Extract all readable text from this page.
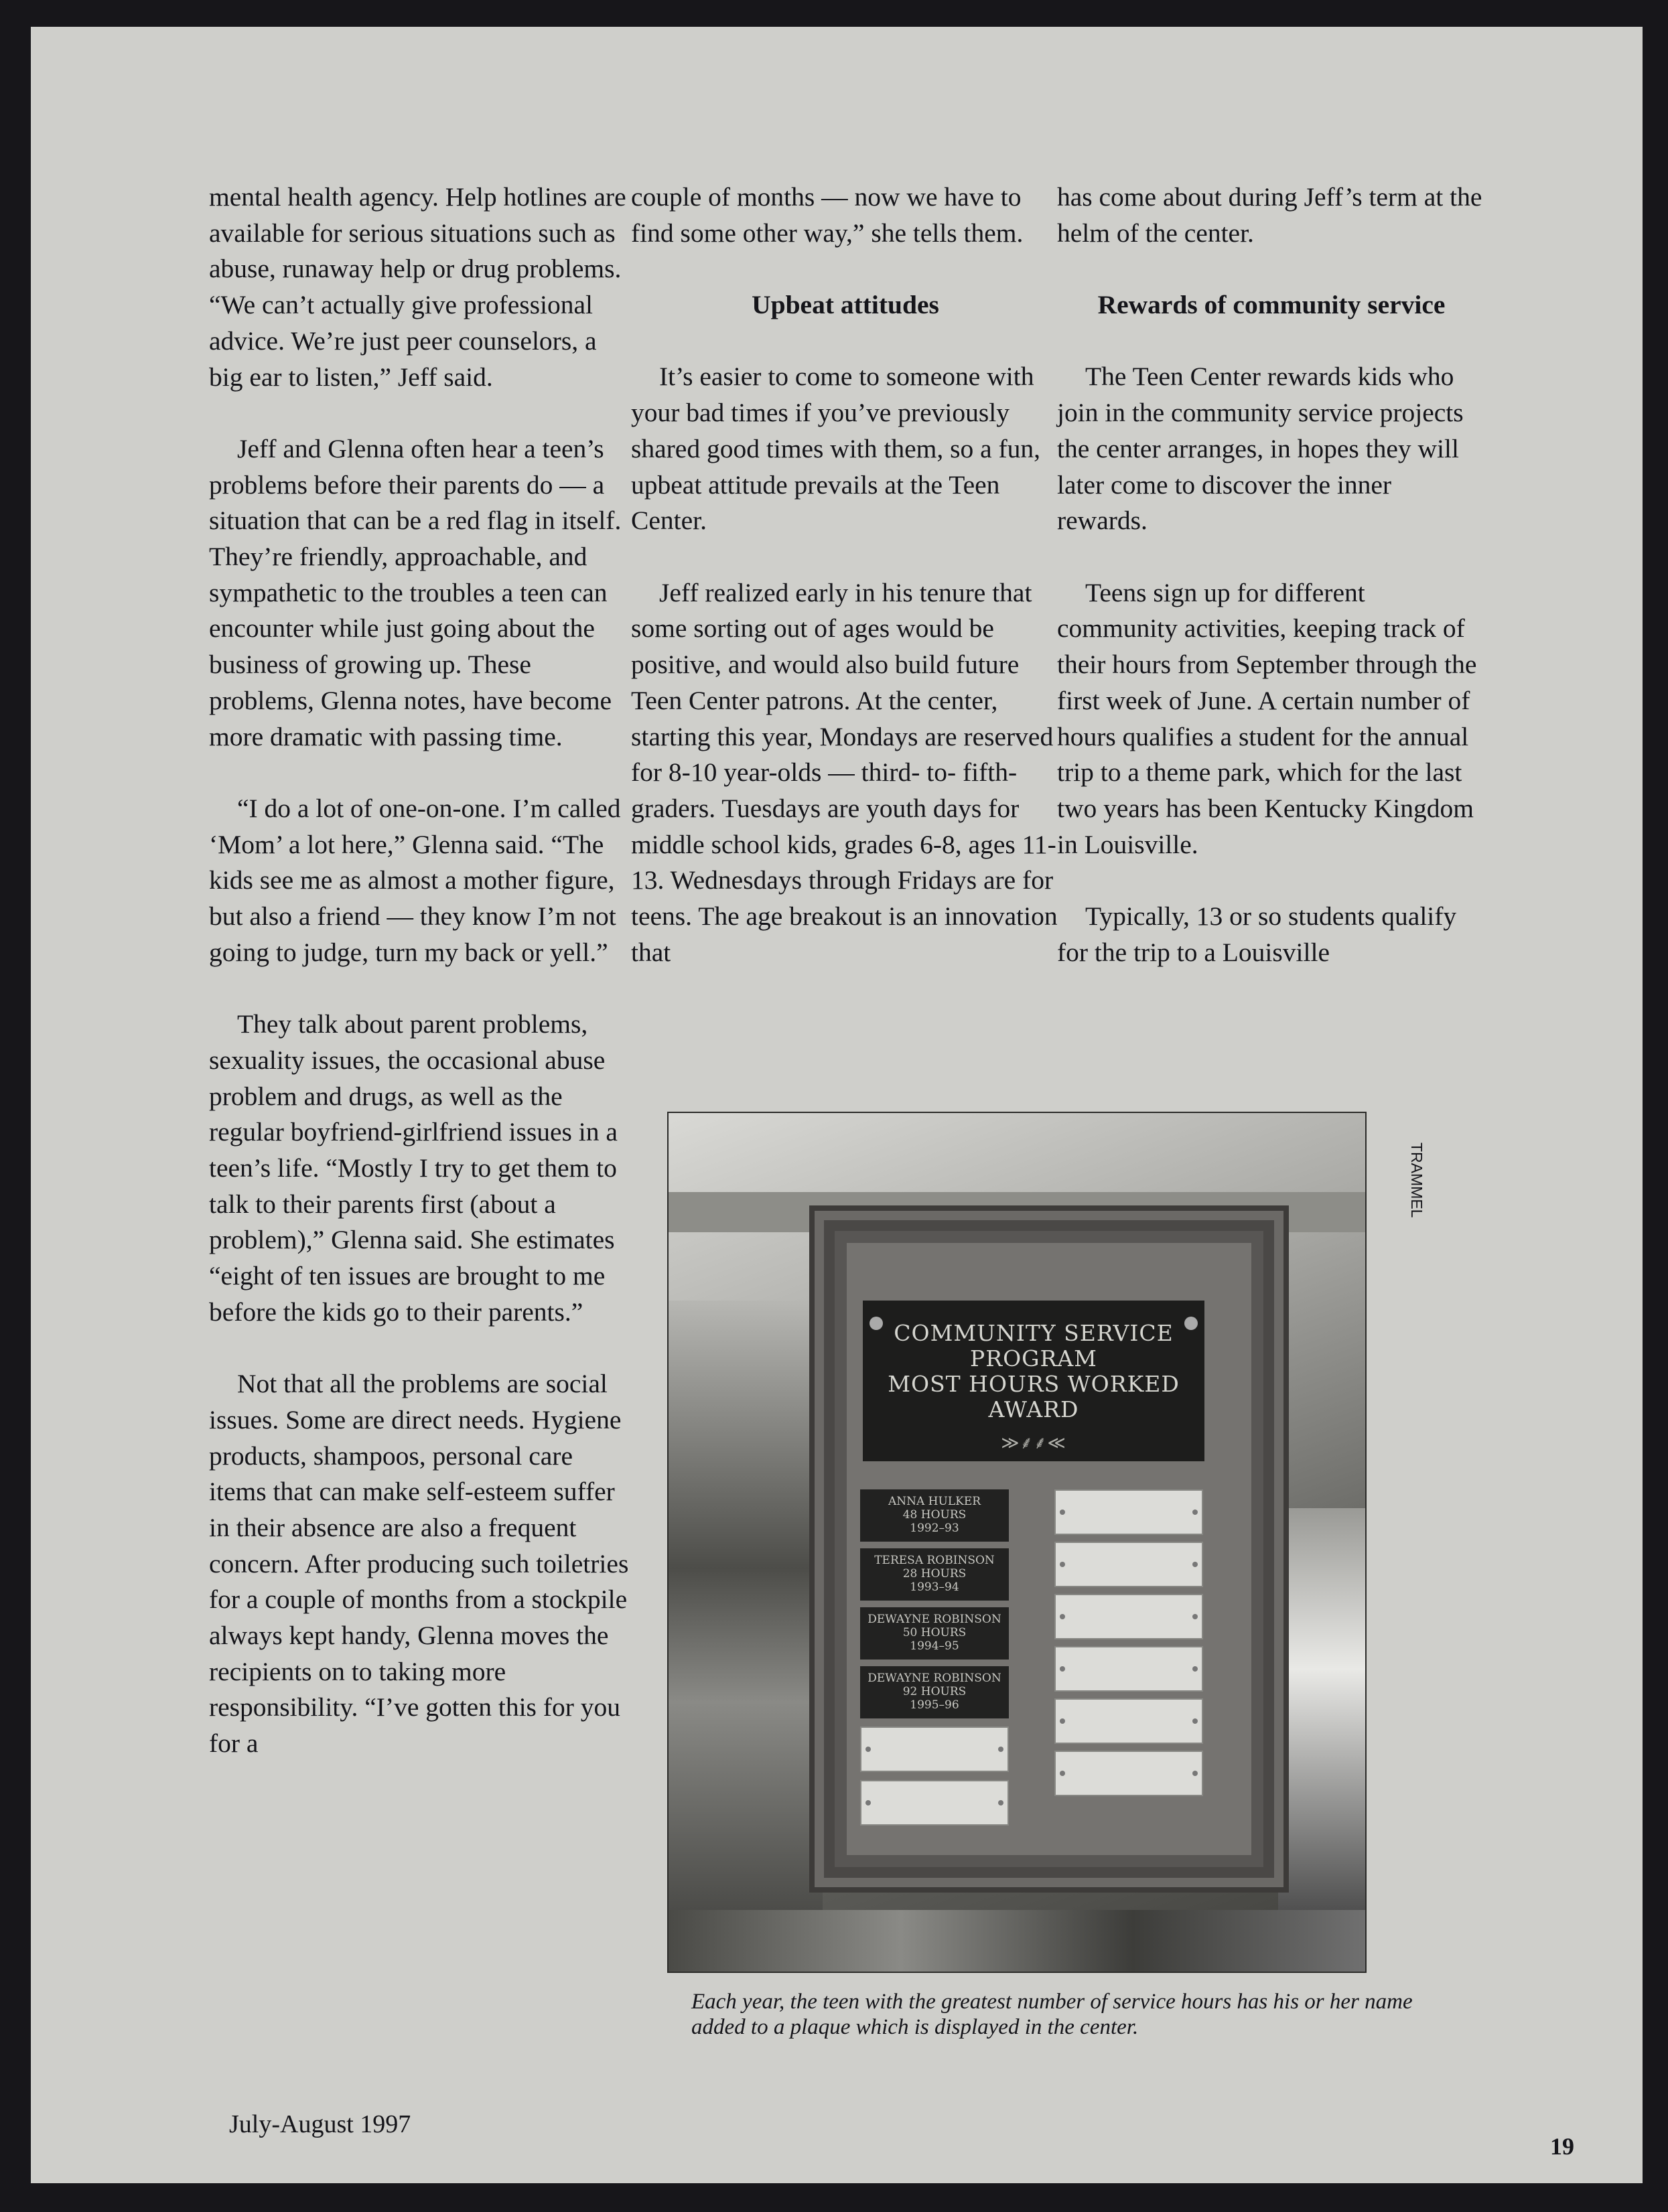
mental health agency. Help hotlines are available for serious situations such as abuse, runaway help or drug problems. “We can’t actually give professional advice. We’re just peer counselors, a big ear to listen,” Jeff said.

Jeff and Glenna often hear a teen’s problems before their parents do — a situation that can be a red flag in itself. They’re friendly, approachable, and sympathetic to the troubles a teen can encounter while just going about the business of growing up. These problems, Glenna notes, have become more dramatic with passing time.

“I do a lot of one-on-one. I’m called ‘Mom’ a lot here,” Glenna said. “The kids see me as almost a mother figure, but also a friend — they know I’m not going to judge, turn my back or yell.”

They talk about parent problems, sexuality issues, the occasional abuse problem and drugs, as well as the regular boyfriend-girlfriend issues in a teen’s life. “Mostly I try to get them to talk to their parents first (about a problem),” Glenna said. She estimates “eight of ten issues are brought to me before the kids go to their parents.”

Not that all the problems are social issues. Some are direct needs. Hygiene products, shampoos, personal care items that can make self-esteem suffer in their absence are also a frequent concern. After producing such toiletries for a couple of months from a stockpile always kept handy, Glenna moves the recipients on to taking more responsibility. “I’ve gotten this for you for a

couple of months — now we have to find some other way,” she tells them.

Upbeat attitudes

It’s easier to come to someone with your bad times if you’ve previously shared good times with them, so a fun, upbeat attitude prevails at the Teen Center.

Jeff realized early in his tenure that some sorting out of ages would be positive, and would also build future Teen Center patrons. At the center, starting this year, Mondays are reserved for 8-10 year-olds — third- to- fifth-graders. Tuesdays are youth days for middle school kids, grades 6-8, ages 11-13. Wednesdays through Fridays are for teens. The age breakout is an innovation that

has come about during Jeff’s term at the helm of the center.

Rewards of community service

The Teen Center rewards kids who join in the community service projects the center arranges, in hopes they will later come to discover the inner rewards.

Teens sign up for different community activities, keeping track of their hours from September through the first week of June. A certain number of hours qualifies a student for the annual trip to a theme park, which for the last two years has been Kentucky Kingdom in Louisville.

Typically, 13 or so students qualify for the trip to a Louisville

COMMUNITY SERVICE PROGRAM
MOST HOURS WORKED
AWARD
≫⸙⸙≪
ANNA HULKER
48 HOURS
1992–93
TERESA ROBINSON
28 HOURS
1993–94
DEWAYNE ROBINSON
50 HOURS
1994–95
DEWAYNE ROBINSON
92 HOURS
1995–96
TRAMMEL
Each year, the teen with the greatest number of service hours has his or her name added to a plaque which is displayed in the center.
July-August 1997
19
